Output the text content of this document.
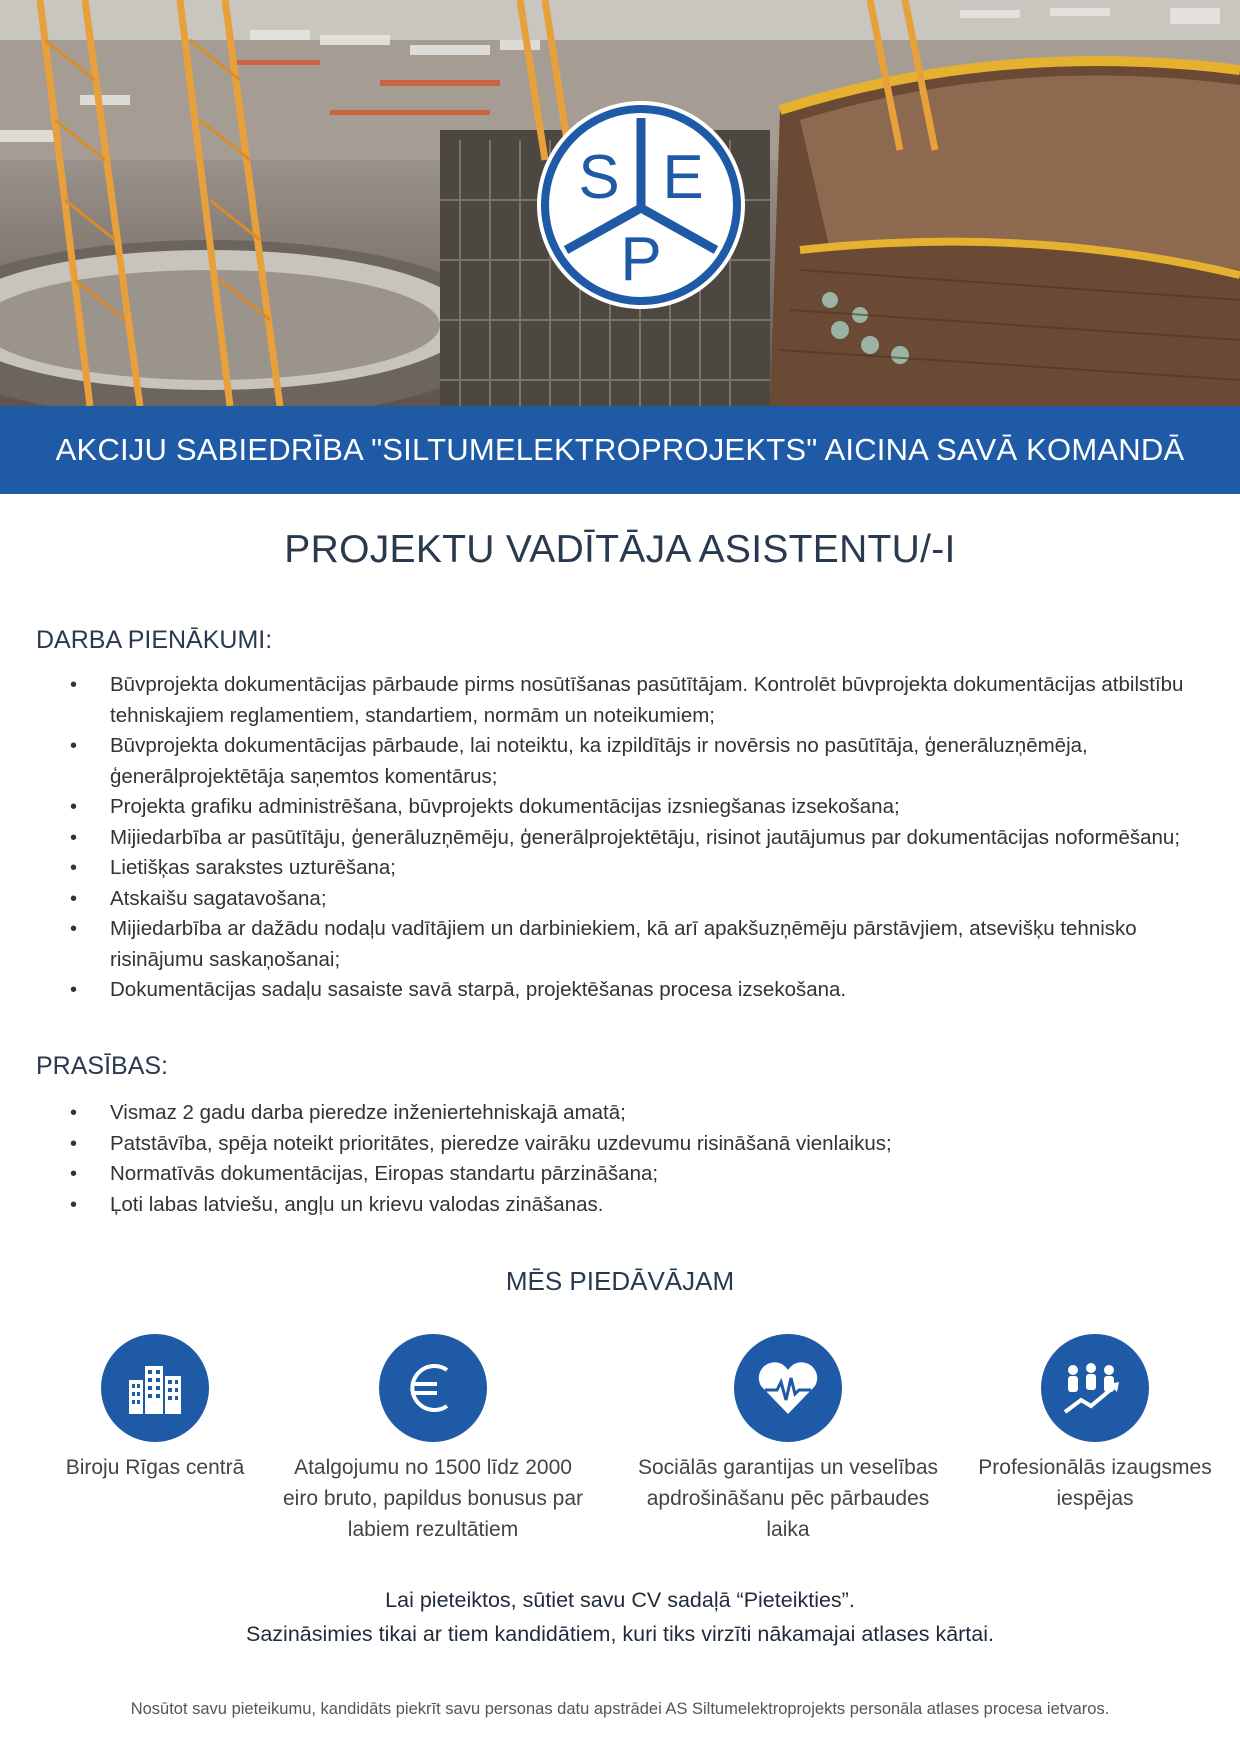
S E
P
AKCIJU SABIEDRĪBA "SILTUMELEKTROPROJEKTS" AICINA SAVĀ KOMANDĀ
PROJEKTU VADĪTĀJA ASISTENTU/-I
DARBA PIENĀKUMI:
• Būvprojekta dokumentācijas pārbaude pirms nosūtīšanas pasūtītājam. Kontrolēt būvprojekta dokumentācijas atbilstību tehniskajiem reglamentiem, standartiem, normām un noteikumiem;
• Būvprojekta dokumentācijas pārbaude, lai noteiktu, ka izpildītājs ir novērsis no pasūtītāja, ģenerāluzņēmēja, ģenerālprojektētāja saņemtos komentārus;
• Projekta grafiku administrēšana, būvprojekts dokumentācijas izsniegšanas izsekošana;
• Mijiedarbība ar pasūtītāju, ģenerāluzņēmēju, ģenerālprojektētāju, risinot jautājumus par dokumentācijas noformēšanu;
• Lietišķas sarakstes uzturēšana;
• Atskaišu sagatavošana;
• Mijiedarbība ar dažādu nodaļu vadītājiem un darbiniekiem, kā arī apakšuzņēmēju pārstāvjiem, atsevišķu tehnisko risinājumu saskaņošanai;
• Dokumentācijas sadaļu sasaiste savā starpā, projektēšanas procesa izsekošana.
PRASĪBAS:
• Vismaz 2 gadu darba pieredze inženiertehniskajā amatā;
• Patstāvība, spēja noteikt prioritātes, pieredze vairāku uzdevumu risināšanā vienlaikus;
• Normatīvās dokumentācijas, Eiropas standartu pārzināšana;
• Ļoti labas latviešu, angļu un krievu valodas zināšanas.
MĒS PIEDĀVĀJAM
Biroju Rīgas centrā	Atalgojumu no 1500 līdz 2000 eiro bruto, papildus bonusus par labiem rezultātiem
Sociālās garantijas un veselības apdrošināšanu pēc pārbaudes laika
Profesionālās izaugsmes iespējas
Lai pieteiktos, sūtiet savu CV sadaļā “Pieteikties”.
Sazināsimies tikai ar tiem kandidātiem, kuri tiks virzīti nākamajai atlases kārtai.
Nosūtot savu pieteikumu, kandidāts piekrīt savu personas datu apstrādei AS Siltumelektroprojekts personāla atlases procesa ietvaros.
